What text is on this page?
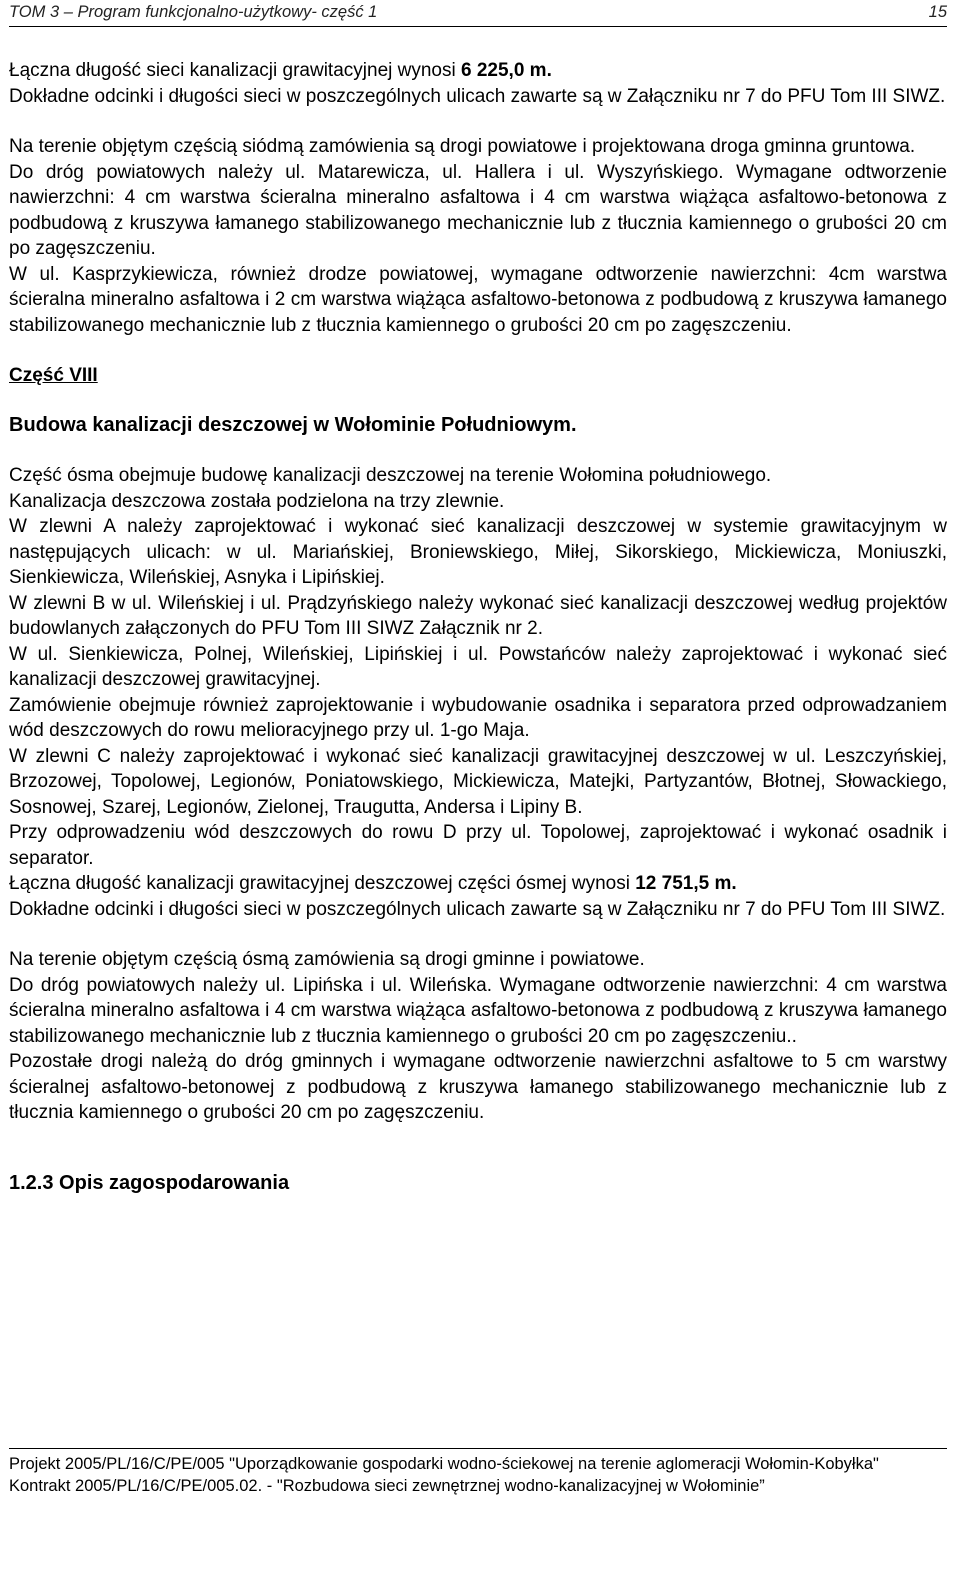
TOM 3 – Program funkcjonalno-użytkowy- część 1	15

Łączna długość sieci kanalizacji grawitacyjnej wynosi 6 225,0 m.

Dokładne odcinki i długości sieci w poszczególnych ulicach zawarte są w Załączniku nr 7 do PFU Tom III SIWZ.

Na terenie objętym częścią siódmą zamówienia są drogi powiatowe i projektowana droga gminna gruntowa.

Do dróg powiatowych należy ul. Matarewicza, ul. Hallera i ul. Wyszyńskiego. Wymagane odtworzenie nawierzchni: 4 cm warstwa ścieralna mineralno asfaltowa i 4 cm warstwa wiążąca asfaltowo-betonowa z podbudową z kruszywa łamanego stabilizowanego mechanicznie lub z tłucznia kamiennego o grubości 20 cm po zagęszczeniu.

W ul. Kasprzykiewicza, również drodze powiatowej, wymagane odtworzenie nawierzchni: 4cm warstwa ścieralna mineralno asfaltowa i 2 cm warstwa wiążąca asfaltowo-betonowa z podbudową z kruszywa łamanego stabilizowanego mechanicznie lub z tłucznia kamiennego o grubości 20 cm po zagęszczeniu.

Część VIII

Budowa kanalizacji deszczowej w Wołominie Południowym.

Część ósma obejmuje budowę kanalizacji deszczowej na terenie Wołomina południowego.

Kanalizacja deszczowa została podzielona na trzy zlewnie.

W zlewni A należy zaprojektować i wykonać sieć kanalizacji deszczowej w systemie grawitacyjnym w następujących ulicach: w ul. Mariańskiej, Broniewskiego, Miłej, Sikorskiego, Mickiewicza, Moniuszki, Sienkiewicza, Wileńskiej, Asnyka i Lipińskiej.

W zlewni B w ul. Wileńskiej i ul. Prądzyńskiego należy wykonać sieć kanalizacji deszczowej według projektów budowlanych załączonych do PFU Tom III SIWZ Załącznik nr 2.

W ul. Sienkiewicza, Polnej, Wileńskiej, Lipińskiej i ul. Powstańców należy zaprojektować i wykonać sieć kanalizacji deszczowej grawitacyjnej.

Zamówienie obejmuje również zaprojektowanie i wybudowanie osadnika i separatora przed odprowadzaniem wód deszczowych do rowu melioracyjnego przy ul. 1-go Maja.

W zlewni C należy zaprojektować i wykonać sieć kanalizacji grawitacyjnej deszczowej w ul. Leszczyńskiej, Brzozowej, Topolowej, Legionów, Poniatowskiego, Mickiewicza, Matejki, Partyzantów, Błotnej, Słowackiego, Sosnowej, Szarej, Legionów, Zielonej, Traugutta, Andersa i Lipiny B.

Przy odprowadzeniu wód deszczowych do rowu D przy ul. Topolowej, zaprojektować i wykonać osadnik i separator.

Łączna długość kanalizacji grawitacyjnej deszczowej części ósmej wynosi 12 751,5 m.

Dokładne odcinki i długości sieci w poszczególnych ulicach zawarte są w Załączniku nr 7 do PFU Tom III SIWZ.

Na terenie objętym częścią ósmą zamówienia są drogi gminne i powiatowe.

Do dróg powiatowych należy ul. Lipińska i ul. Wileńska. Wymagane odtworzenie nawierzchni: 4 cm warstwa ścieralna mineralno asfaltowa i 4 cm warstwa wiążąca asfaltowo-betonowa z podbudową z kruszywa łamanego stabilizowanego mechanicznie lub z tłucznia kamiennego o grubości 20 cm po zagęszczeniu..

Pozostałe drogi należą do dróg gminnych i wymagane odtworzenie nawierzchni asfaltowe to 5 cm warstwy ścieralnej asfaltowo-betonowej z podbudową z kruszywa łamanego stabilizowanego mechanicznie lub z tłucznia kamiennego o grubości 20 cm po zagęszczeniu.

1.2.3 Opis zagospodarowania

Projekt 2005/PL/16/C/PE/005 "Uporządkowanie gospodarki wodno-ściekowej na terenie aglomeracji Wołomin-Kobyłka"

Kontrakt 2005/PL/16/C/PE/005.02. - "Rozbudowa sieci zewnętrznej wodno-kanalizacyjnej w Wołominie”
